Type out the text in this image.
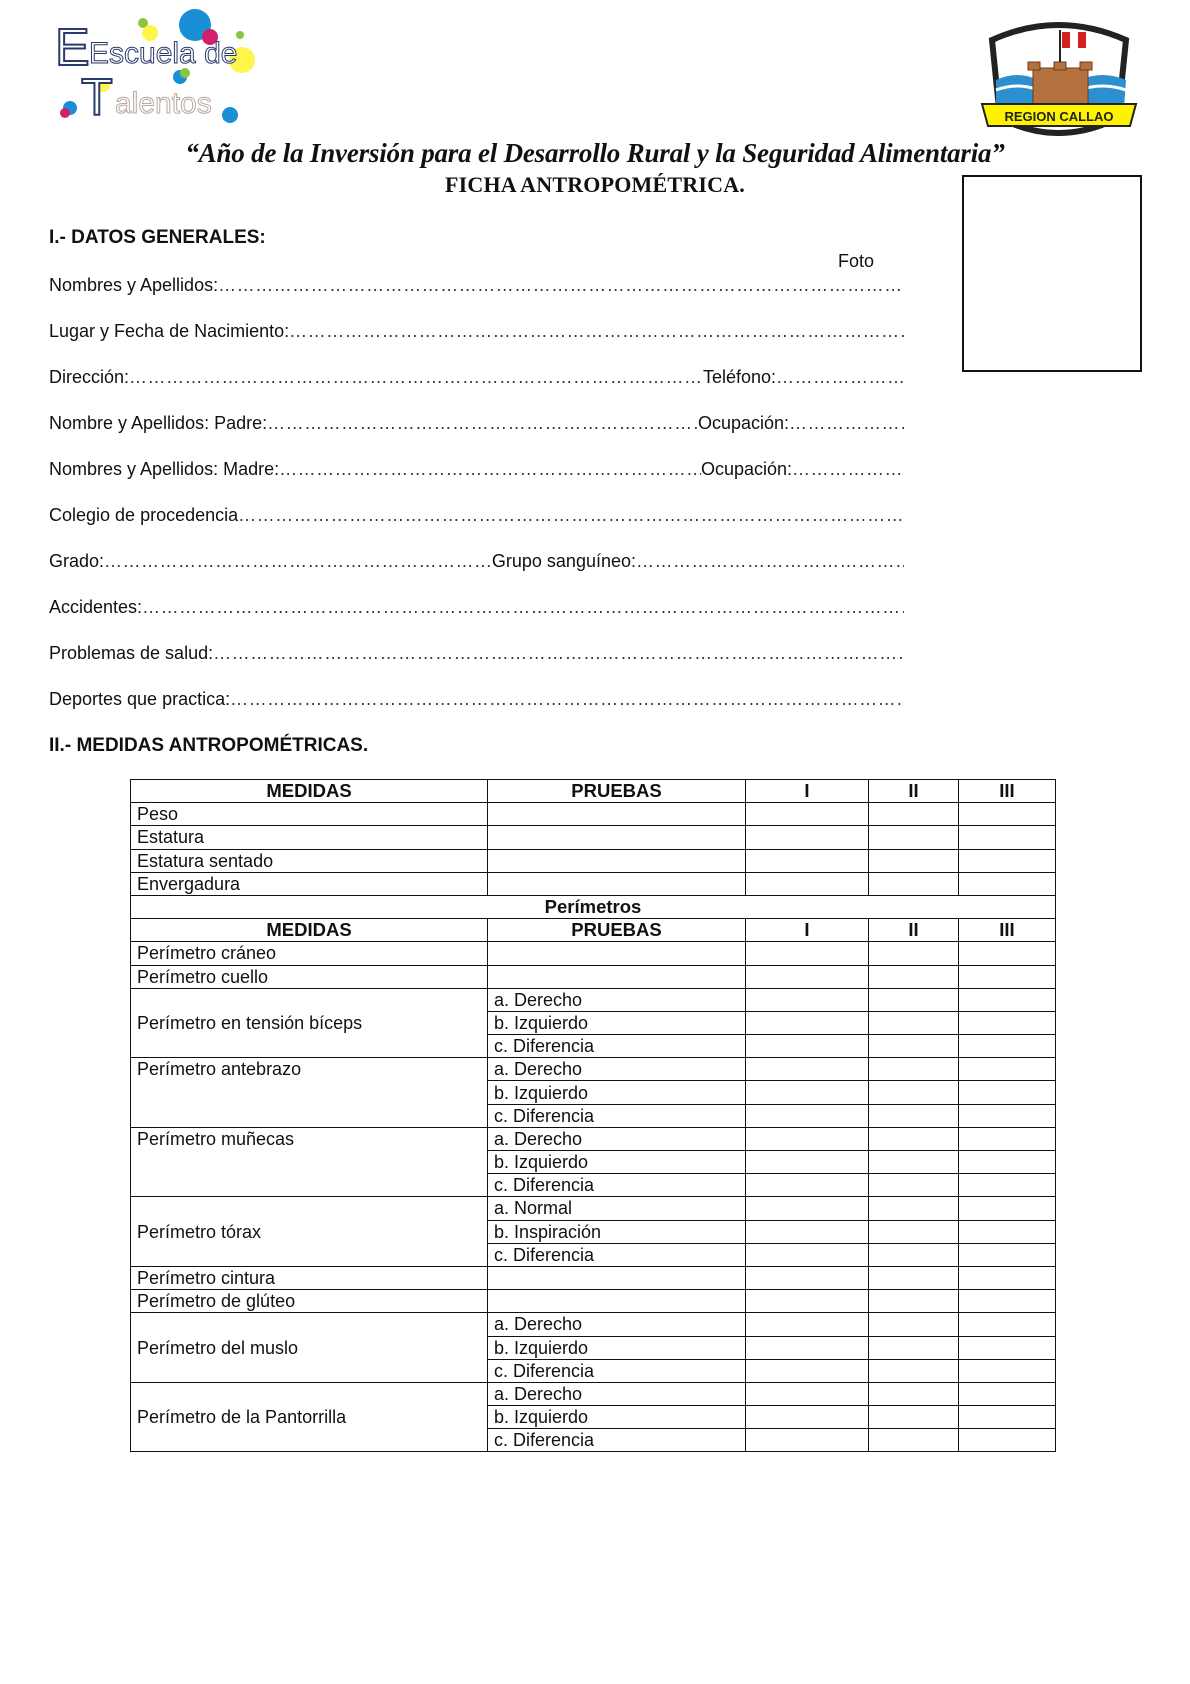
E Escuela de
T alentos	REGION CALLAO
“Año de la Inversión para el Desarrollo Rural y la Seguridad Alimentaria”
FICHA ANTROPOMÉTRICA.
Foto
I.- DATOS GENERALES:
Nombres y Apellidos:
………………………………………………………………………………………………………………………………………………
Lugar y Fecha de Nacimiento:
………………………………………………………………………………………………………………………………………………
Dirección: ………………………………………………………………………………………………………………………………………………	Teléfono:
………………………………………………………………………………………………………………………………………………
Nombre y Apellidos: Padre: ………………………………………………………………………………………………………………………………………………	Ocupación:
………………………………………………………………………………………………………………………………………………
Nombres y Apellidos: Madre: ………………………………………………………………………………………………………………………………………………	Ocupación:
………………………………………………………………………………………………………………………………………………
Colegio de procedencia
………………………………………………………………………………………………………………………………………………
Grado: ………………………………………………………………………………………………………………………………………………	Grupo sanguíneo:
………………………………………………………………………………………………………………………………………………
Accidentes:
………………………………………………………………………………………………………………………………………………
Problemas de salud:
………………………………………………………………………………………………………………………………………………
Deportes que practica:
………………………………………………………………………………………………………………………………………………
II.- MEDIDAS ANTROPOMÉTRICAS.
MEDIDAS	PRUEBAS	I	II	III
Peso				
Estatura				
Estatura sentado				
Envergadura				
Perímetros				
MEDIDAS	PRUEBAS	I	II	III
Perímetro cráneo				
Perímetro cuello				
Perímetro en tensión bíceps	a. Derecho			
	b. Izquierdo			
	c. Diferencia			
Perímetro antebrazo	a. Derecho			
	b. Izquierdo			
	c. Diferencia			
Perímetro muñecas	a. Derecho			
	b. Izquierdo			
	c. Diferencia			
Perímetro tórax	a. Normal			
	b. Inspiración			
	c. Diferencia			
Perímetro cintura				
Perímetro de glúteo				
Perímetro del muslo	a. Derecho			
	b. Izquierdo			
	c. Diferencia			
Perímetro de la Pantorrilla	a. Derecho			
	b. Izquierdo			
	c. Diferencia			
